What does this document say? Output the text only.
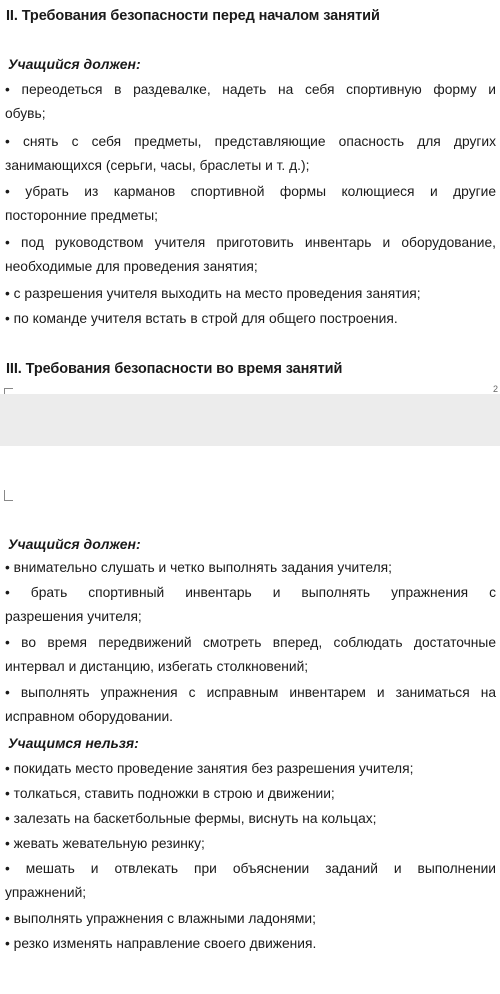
II. Требования безопасности перед началом занятий
Учащийся должен:
• переодеться в раздевалке, надеть на себя спортивную форму и
обувь;
• снять с себя предметы, представляющие опасность для других
занимающихся (серьги, часы, браслеты и т. д.);
• убрать из карманов спортивной формы колющиеся и другие
посторонние предметы;
• под руководством учителя приготовить инвентарь и оборудование,
необходимые для проведения занятия;
• с разрешения учителя выходить на место проведения занятия;
• по команде учителя встать в строй для общего построения.
III. Требования безопасности во время занятий
2
Учащийся должен:
• внимательно слушать и четко выполнять задания учителя;
• брать спортивный инвентарь и выполнять упражнения с
разрешения учителя;
• во время передвижений смотреть вперед, соблюдать достаточные
интервал и дистанцию, избегать столкновений;
• выполнять упражнения с исправным инвентарем и заниматься на
исправном оборудовании.
Учащимся нельзя:
• покидать место проведение занятия без разрешения учителя;
• толкаться, ставить подножки в строю и движении;
• залезать на баскетбольные фермы, виснуть на кольцах;
• жевать жевательную резинку;
• мешать и отвлекать при объяснении заданий и выполнении
упражнений;
• выполнять упражнения с влажными ладонями;
• резко изменять направление своего движения.
